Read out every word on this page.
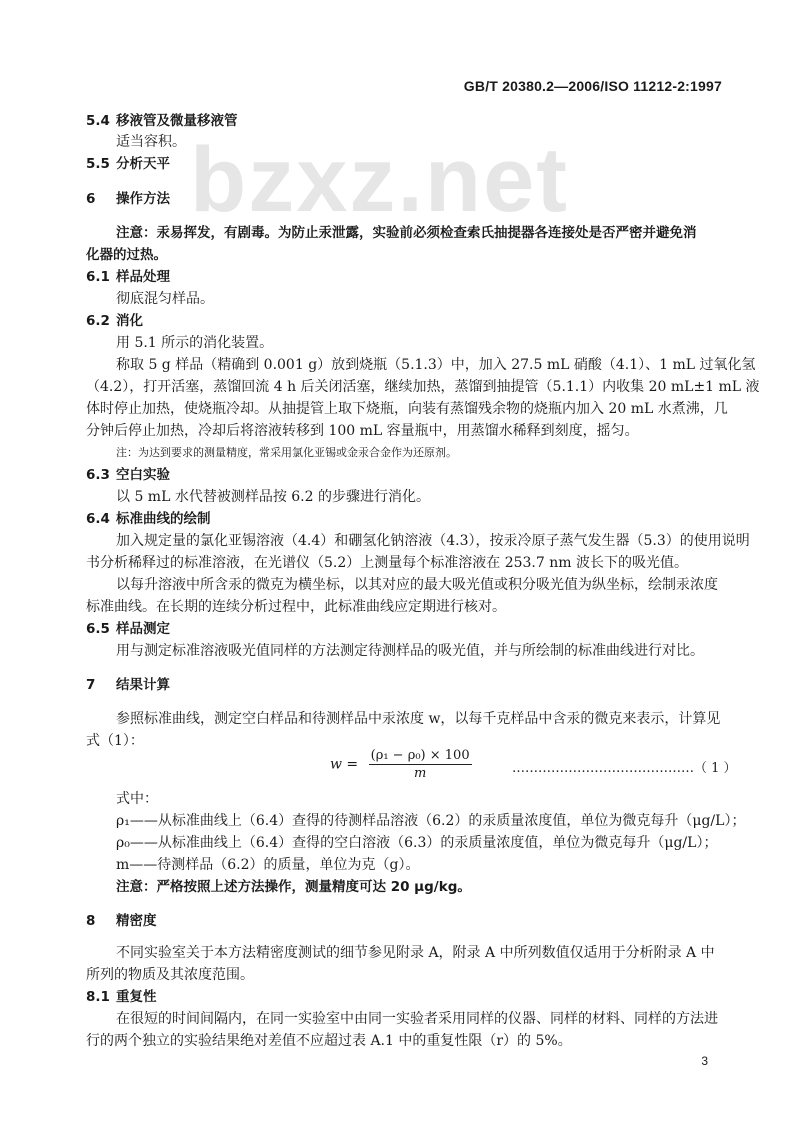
bzxz.net
GB/T 20380.2—2006/ISO 11212-2:1997
5.4 移液管及微量移液管
适当容积。
5.5 分析天平
6 操作方法
注意：汞易挥发，有剧毒。为防止汞泄露，实验前必须检查索氏抽提器各连接处是否严密并避免消
化器的过热。
6.1 样品处理
彻底混匀样品。
6.2 消化
用 5.1 所示的消化装置。
称取 5 g 样品（精确到 0.001 g）放到烧瓶（5.1.3）中，加入 27.5 mL 硝酸（4.1）、1 mL 过氧化氢
（4.2），打开活塞，蒸馏回流 4 h 后关闭活塞，继续加热，蒸馏到抽提管（5.1.1）内收集 20 mL±1 mL 液
体时停止加热，使烧瓶冷却。从抽提管上取下烧瓶，向装有蒸馏残余物的烧瓶内加入 20 mL 水煮沸，几
分钟后停止加热，冷却后将溶液转移到 100 mL 容量瓶中，用蒸馏水稀释到刻度，摇匀。
注：为达到要求的测量精度，常采用氯化亚锡或金汞合金作为还原剂。
6.3 空白实验
以 5 mL 水代替被测样品按 6.2 的步骤进行消化。
6.4 标准曲线的绘制
加入规定量的氯化亚锡溶液（4.4）和硼氢化钠溶液（4.3），按汞冷原子蒸气发生器（5.3）的使用说明
书分析稀释过的标准溶液，在光谱仪（5.2）上测量每个标准溶液在 253.7 nm 波长下的吸光值。
以每升溶液中所含汞的微克为横坐标，以其对应的最大吸光值或积分吸光值为纵坐标，绘制汞浓度
标准曲线。在长期的连续分析过程中，此标准曲线应定期进行核对。
6.5 样品测定
用与测定标准溶液吸光值同样的方法测定待测样品的吸光值，并与所绘制的标准曲线进行对比。
7 结果计算
参照标准曲线，测定空白样品和待测样品中汞浓度 w，以每千克样品中含汞的微克来表示，计算见
式（1）：
$w = \frac{\text{(ρ₁ − ρ₀) × 100}}{m}$	……………………………………（ 1 ）
式中：
ρ₁——从标准曲线上（6.4）查得的待测样品溶液（6.2）的汞质量浓度值，单位为微克每升（μg/L）；
ρ₀——从标准曲线上（6.4）查得的空白溶液（6.3）的汞质量浓度值，单位为微克每升（μg/L）；
m——待测样品（6.2）的质量，单位为克（g）。
注意：严格按照上述方法操作，测量精度可达 20 μg/kg。
8 精密度
不同实验室关于本方法精密度测试的细节参见附录 A，附录 A 中所列数值仅适用于分析附录 A 中
所列的物质及其浓度范围。
8.1 重复性
在很短的时间间隔内，在同一实验室中由同一实验者采用同样的仪器、同样的材料、同样的方法进
行的两个独立的实验结果绝对差值不应超过表 A.1 中的重复性限（r）的 5%。
3
